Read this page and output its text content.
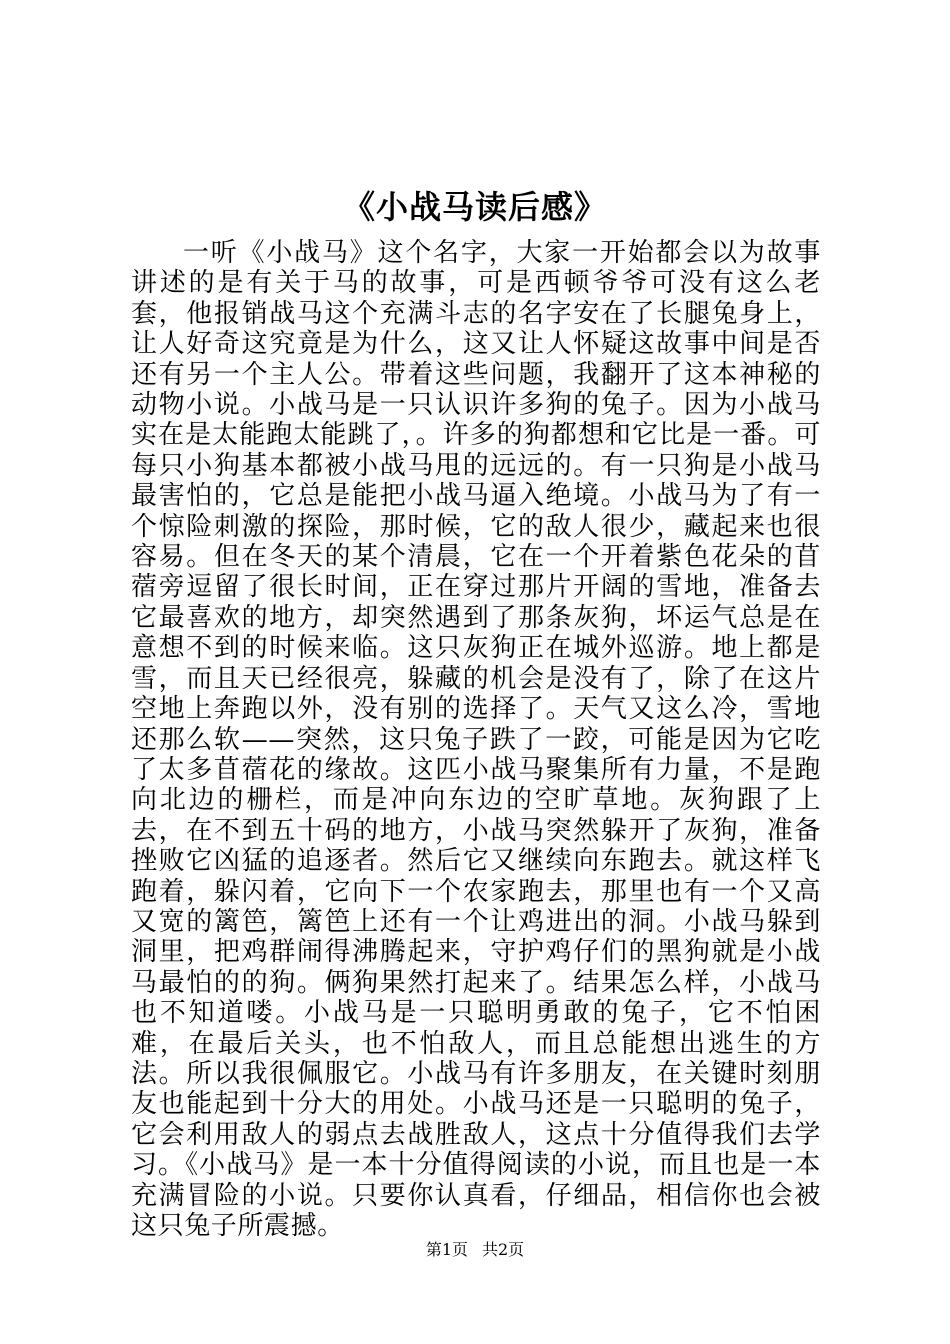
《小战马读后感》
一听《小战马》这个名字，大家一开始都会以为故事讲述的是有关于马的故事，可是西顿爷爷可没有这么老套，他报销战马这个充满斗志的名字安在了长腿兔身上，让人好奇这究竟是为什么，这又让人怀疑这故事中间是否还有另一个主人公。带着这些问题，我翻开了这本神秘的动物小说。小战马是一只认识许多狗的兔子。因为小战马实在是太能跑太能跳了，。许多的狗都想和它比是一番。可每只小狗基本都被小战马甩的远远的。有一只狗是小战马最害怕的，它总是能把小战马逼入绝境。小战马为了有一个惊险刺激的探险，那时候，它的敌人很少，藏起来也很容易。但在冬天的某个清晨，它在一个开着紫色花朵的苜蓿旁逗留了很长时间，正在穿过那片开阔的雪地，准备去它最喜欢的地方，却突然遇到了那条灰狗，坏运气总是在意想不到的时候来临。这只灰狗正在城外巡游。地上都是雪，而且天已经很亮，躲藏的机会是没有了，除了在这片空地上奔跑以外，没有别的选择了。天气又这么冷，雪地还那么软——突然，这只兔子跌了一跤，可能是因为它吃了太多苜蓿花的缘故。这匹小战马聚集所有力量，不是跑向北边的栅栏，而是冲向东边的空旷草地。灰狗跟了上去，在不到五十码的地方，小战马突然躲开了灰狗，准备挫败它凶猛的追逐者。然后它又继续向东跑去。就这样飞跑着，躲闪着，它向下一个农家跑去，那里也有一个又高又宽的篱笆，篱笆上还有一个让鸡进出的洞。小战马躲到洞里，把鸡群闹得沸腾起来，守护鸡仔们的黑狗就是小战马最怕的的狗。俩狗果然打起来了。结果怎么样，小战马也不知道喽。小战马是一只聪明勇敢的兔子，它不怕困难，在最后关头，也不怕敌人，而且总能想出逃生的方法。所以我很佩服它。小战马有许多朋友，在关键时刻朋友也能起到十分大的用处。小战马还是一只聪明的兔子，它会利用敌人的弱点去战胜敌人，这点十分值得我们去学习。《小战马》是一本十分值得阅读的小说，而且也是一本充满冒险的小说。只要你认真看，仔细品，相信你也会被这只兔子所震撼。
第1页 共2页
